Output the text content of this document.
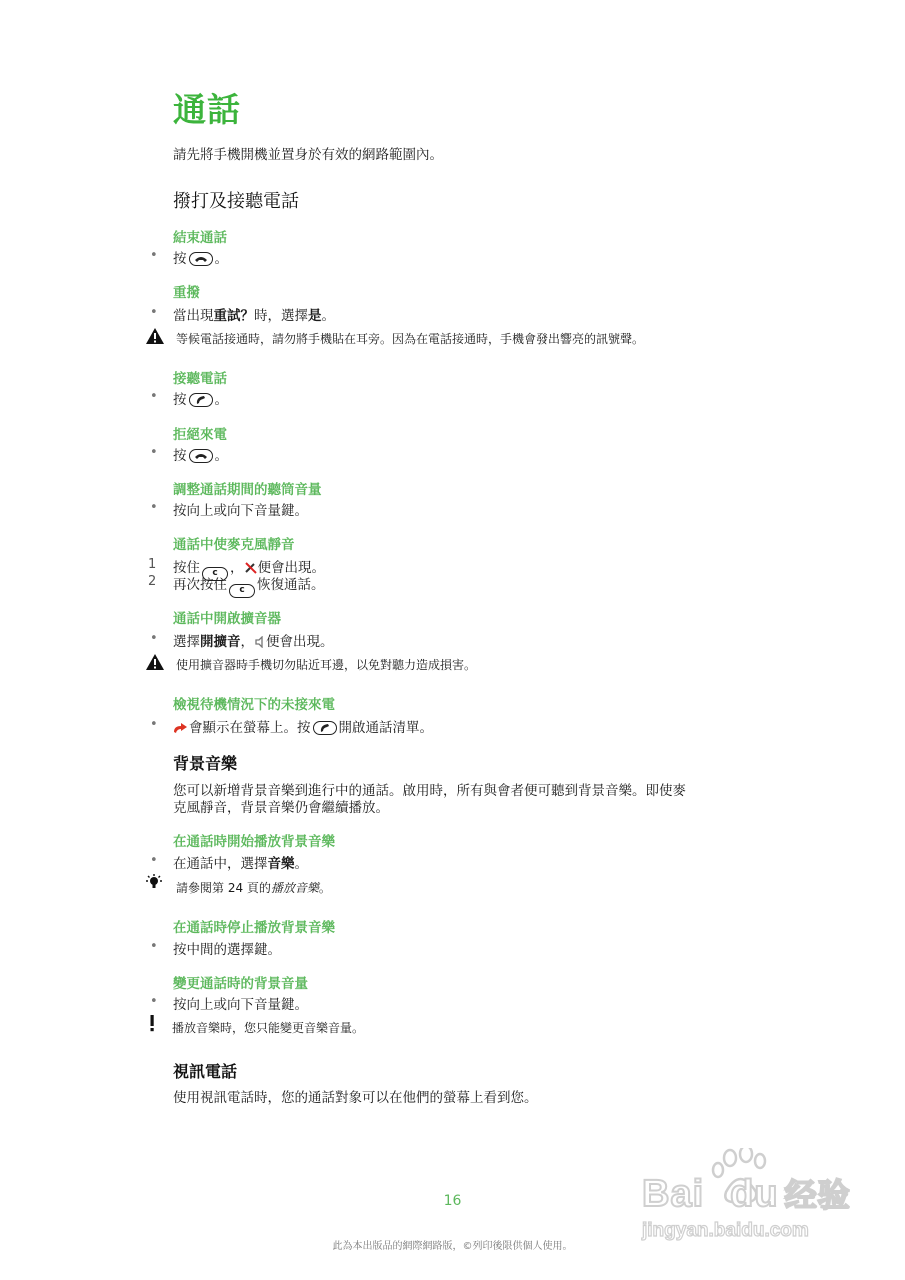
通話
請先將手機開機並置身於有效的網路範圍內。
撥打及接聽電話
結束通話
• 按 。
重撥
• 當出現重試？時，選擇是。
等候電話接通時，請勿將手機貼在耳旁。因為在電話接通時，手機會發出響亮的訊號聲。
接聽電話
• 按 。
拒絕來電
• 按 。
調整通話期間的聽筒音量
• 按向上或向下音量鍵。
通話中使麥克風靜音
1 按住 c ， 便會出現。
2 再次按住 c 恢復通話。
通話中開啟擴音器
• 選擇開擴音， 便會出現。
使用擴音器時手機切勿貼近耳邊，以免對聽力造成損害。
檢視待機情況下的未接來電
•	會顯示在螢幕上。按 開啟通話清單。
背景音樂
您可以新增背景音樂到進行中的通話。啟用時，所有與會者便可聽到背景音樂。即使麥
克風靜音，背景音樂仍會繼續播放。
在通話時開始播放背景音樂
• 在通話中，選擇音樂。
請參閱第 24 頁的播放音樂。
在通話時停止播放背景音樂
• 按中間的選擇鍵。
變更通話時的背景音量
• 按向上或向下音量鍵。
播放音樂時，您只能變更音樂音量。
視訊電話
使用視訊電話時，您的通話對象可以在他們的螢幕上看到您。
16
此為本出版品的網際網路版，©列印後限供個人使用。
Bai du 经验
jingyan.baidu.com
